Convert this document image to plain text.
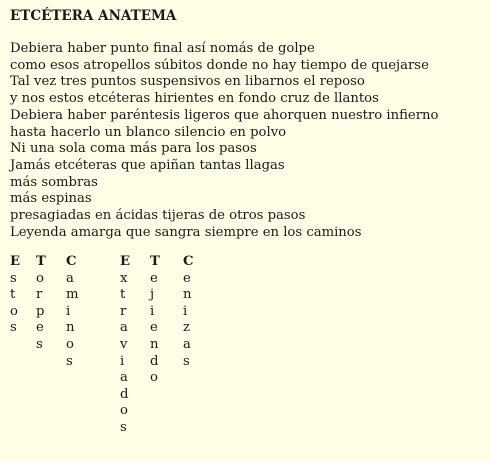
ETCÉTERA ANATEMA
Debiera haber punto final así nomás de golpe
como esos atropellos súbitos donde no hay tiempo de quejarse
Tal vez tres puntos suspensivos en libarnos el reposo
y nos estos etcéteras hirientes en fondo cruz de llantos
Debiera haber paréntesis ligeros que ahorquen nuestro infierno
hasta hacerlo un blanco silencio en polvo
Ni una sola coma más para los pasos
Jamás etcéteras que apiñan tantas llagas
más sombras
más espinas
presagiadas en ácidas tijeras de otros pasos
Leyenda amarga que sangra siempre en los caminos
E
s
t
o
s
T
o
r
p
e
s
C
a
m
i
n
o
s
E
x
t
r
a
v
i
a
d
o
s
T
e
j
i
e
n
d
o
C
e
n
i
z
a
s
